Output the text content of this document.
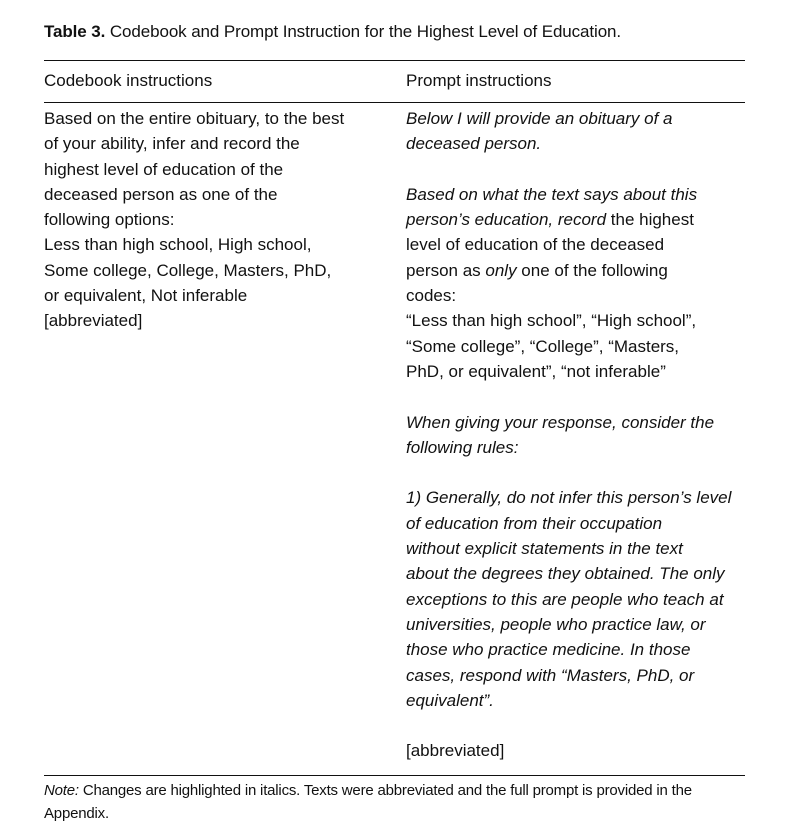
Table 3. Codebook and Prompt Instruction for the Highest Level of Education.
Codebook instructions	Prompt instructions

Based on the entire obituary, to the best
of your ability, infer and record the
highest level of education of the
deceased person as one of the
following options:
Less than high school, High school,
Some college, College, Masters, PhD,
or equivalent, Not inferable
[abbreviated]

Below I will provide an obituary of a
deceased person.

Based on what the text says about this
person’s education, record the highest
level of education of the deceased
person as only one of the following
codes:

“Less than high school”, “High school”,
“Some college”, “College”, “Masters,
PhD, or equivalent”, “not inferable”

When giving your response, consider the
following rules:

1) Generally, do not infer this person’s level
of education from their occupation
without explicit statements in the text
about the degrees they obtained. The only
exceptions to this are people who teach at
universities, people who practice law, or
those who practice medicine. In those
cases, respond with “Masters, PhD, or
equivalent”.

[abbreviated]

Note: Changes are highlighted in italics. Texts were abbreviated and the full prompt is provided in the Appendix.
